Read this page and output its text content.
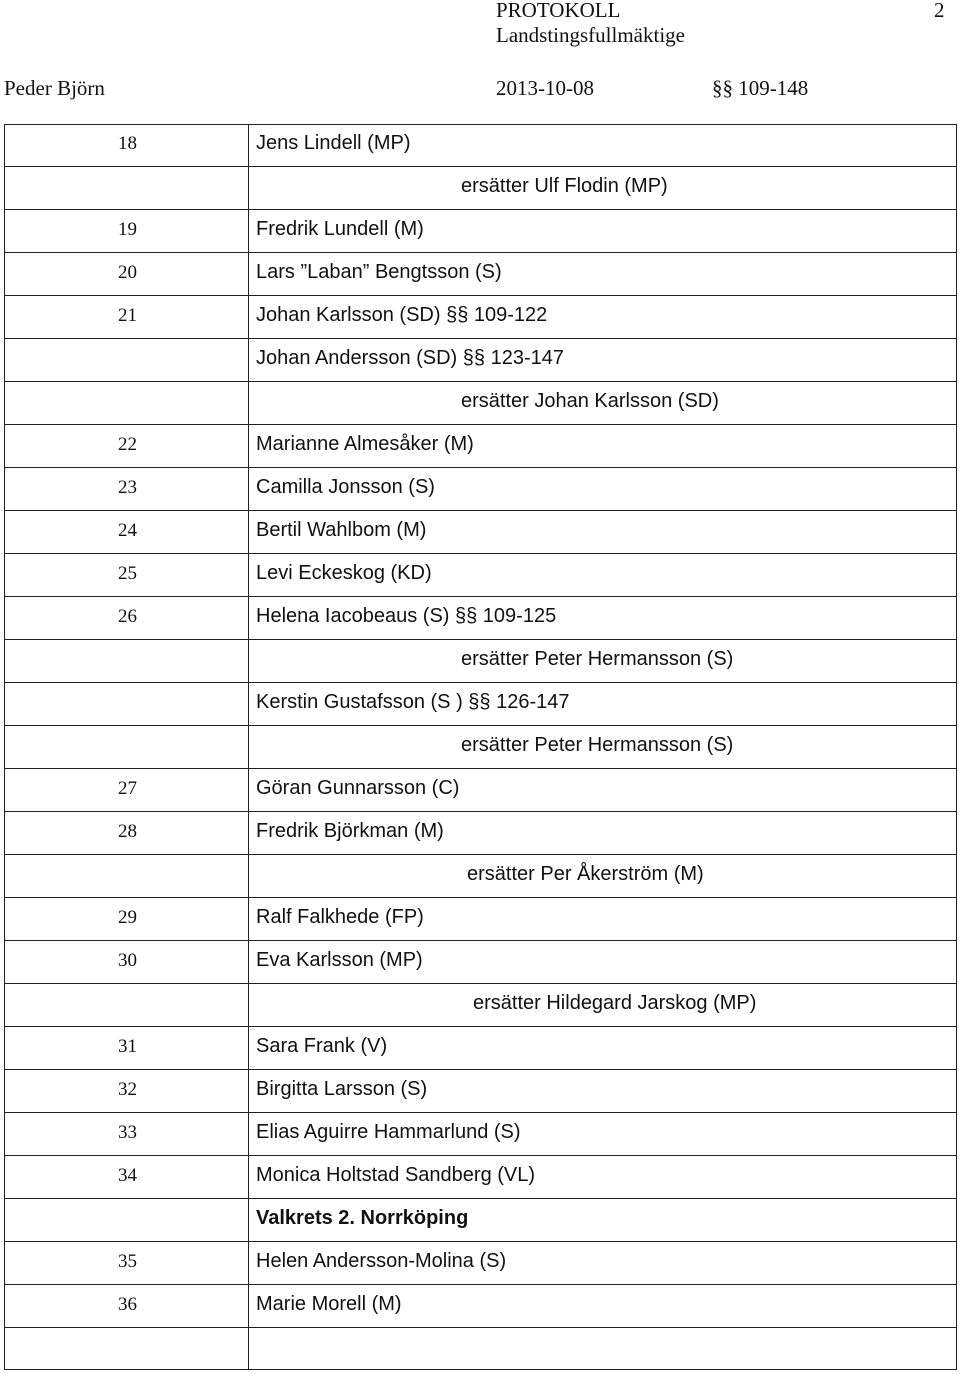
PROTOKOLL	2
Landstingsfullmäktige
Peder Björn	2013-10-08	§§ 109-148
18	Jens Lindell (MP)
ersätter Ulf Flodin (MP)
19	Fredrik Lundell (M)
20	Lars ”Laban” Bengtsson (S)
21	Johan Karlsson (SD) §§ 109-122
Johan Andersson (SD) §§ 123-147
ersätter Johan Karlsson (SD)
22	Marianne Almesåker (M)
23	Camilla Jonsson (S)
24	Bertil Wahlbom (M)
25	Levi Eckeskog (KD)
26	Helena Iacobeaus (S) §§ 109-125
ersätter Peter Hermansson (S)
Kerstin Gustafsson (S ) §§ 126-147
ersätter Peter Hermansson (S)
27	Göran Gunnarsson (C)
28	Fredrik Björkman (M)
ersätter Per Åkerström (M)
29	Ralf Falkhede (FP)
30	Eva Karlsson (MP)
ersätter Hildegard Jarskog (MP)
31	Sara Frank (V)
32	Birgitta Larsson (S)
33	Elias Aguirre Hammarlund (S)
34	Monica Holtstad Sandberg (VL)
Valkrets 2. Norrköping
35	Helen Andersson-Molina (S)
36	Marie Morell (M)
